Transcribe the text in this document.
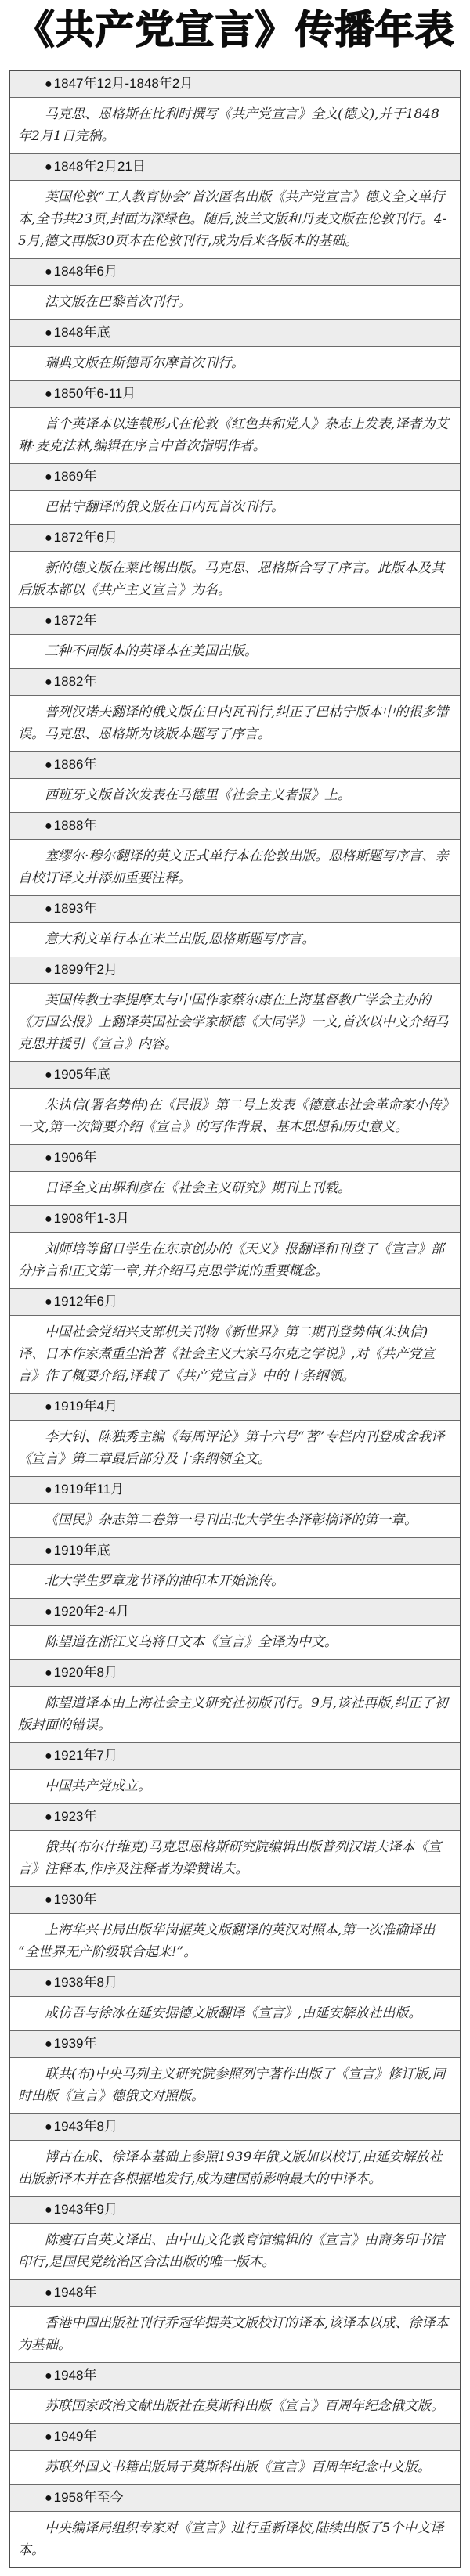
《共产党宣言》传播年表
● 1847年12月-1848年2月
马克思、恩格斯在比利时撰写《共产党宣言》全文(德文),并于1848年2月1日完稿。
● 1848年2月21日
英国伦敦“工人教育协会”首次匿名出版《共产党宣言》德文全文单行本,全书共23页,封面为深绿色。随后,波兰文版和丹麦文版在伦敦刊行。4-5月,德文再版30页本在伦敦刊行,成为后来各版本的基础。
● 1848年6月
法文版在巴黎首次刊行。
● 1848年底
瑞典文版在斯德哥尔摩首次刊行。
● 1850年6-11月
首个英译本以连载形式在伦敦《红色共和党人》杂志上发表,译者为艾琳·麦克法林,编辑在序言中首次指明作者。
● 1869年
巴枯宁翻译的俄文版在日内瓦首次刊行。
● 1872年6月
新的德文版在莱比锡出版。马克思、恩格斯合写了序言。此版本及其后版本都以《共产主义宣言》为名。
● 1872年
三种不同版本的英译本在美国出版。
● 1882年
普列汉诺夫翻译的俄文版在日内瓦刊行,纠正了巴枯宁版本中的很多错误。马克思、恩格斯为该版本题写了序言。
● 1886年
西班牙文版首次发表在马德里《社会主义者报》上。
● 1888年
塞缪尔·穆尔翻译的英文正式单行本在伦敦出版。恩格斯题写序言、亲自校订译文并添加重要注释。
● 1893年
意大利文单行本在米兰出版,恩格斯题写序言。
● 1899年2月
英国传教士李提摩太与中国作家蔡尔康在上海基督教广学会主办的《万国公报》上翻译英国社会学家颉德《大同学》一文,首次以中文介绍马克思并援引《宣言》内容。
● 1905年底
朱执信(署名势伸)在《民报》第二号上发表《德意志社会革命家小传》一文,第一次简要介绍《宣言》的写作背景、基本思想和历史意义。
● 1906年
日译全文由堺利彦在《社会主义研究》期刊上刊载。
● 1908年1-3月
刘师培等留日学生在东京创办的《天义》报翻译和刊登了《宣言》部分序言和正文第一章,并介绍马克思学说的重要概念。
● 1912年6月
中国社会党绍兴支部机关刊物《新世界》第二期刊登势伸(朱执信)译、日本作家煮重尘治著《社会主义大家马尔克之学说》,对《共产党宣言》作了概要介绍,译载了《共产党宣言》中的十条纲领。
● 1919年4月
李大钊、陈独秀主编《每周评论》第十六号“著”专栏内刊登成舍我译《宣言》第二章最后部分及十条纲领全文。
● 1919年11月
《国民》杂志第二卷第一号刊出北大学生李泽彰摘译的第一章。
● 1919年底
北大学生罗章龙节译的油印本开始流传。
● 1920年2-4月
陈望道在浙江义乌将日文本《宣言》全译为中文。
● 1920年8月
陈望道译本由上海社会主义研究社初版刊行。9月,该社再版,纠正了初版封面的错误。
● 1921年7月
中国共产党成立。
● 1923年
俄共(布尔什维克)马克思恩格斯研究院编辑出版普列汉诺夫译本《宣言》注释本,作序及注释者为梁赞诺夫。
● 1930年
上海华兴书局出版华岗据英文版翻译的英汉对照本,第一次准确译出“全世界无产阶级联合起来!”。
● 1938年8月
成仿吾与徐冰在延安据德文版翻译《宣言》,由延安解放社出版。
● 1939年
联共(布)中央马列主义研究院参照列宁著作出版了《宣言》修订版,同时出版《宣言》德俄文对照版。
● 1943年8月
博古在成、徐译本基础上参照1939年俄文版加以校订,由延安解放社出版新译本并在各根据地发行,成为建国前影响最大的中译本。
● 1943年9月
陈瘦石自英文译出、由中山文化教育馆编辑的《宣言》由商务印书馆印行,是国民党统治区合法出版的唯一版本。
● 1948年
香港中国出版社刊行乔冠华据英文版校订的译本,该译本以成、徐译本为基础。
● 1948年
苏联国家政治文献出版社在莫斯科出版《宣言》百周年纪念俄文版。
● 1949年
苏联外国文书籍出版局于莫斯科出版《宣言》百周年纪念中文版。
● 1958年至今
中央编译局组织专家对《宣言》进行重新译校,陆续出版了5个中文译本。
